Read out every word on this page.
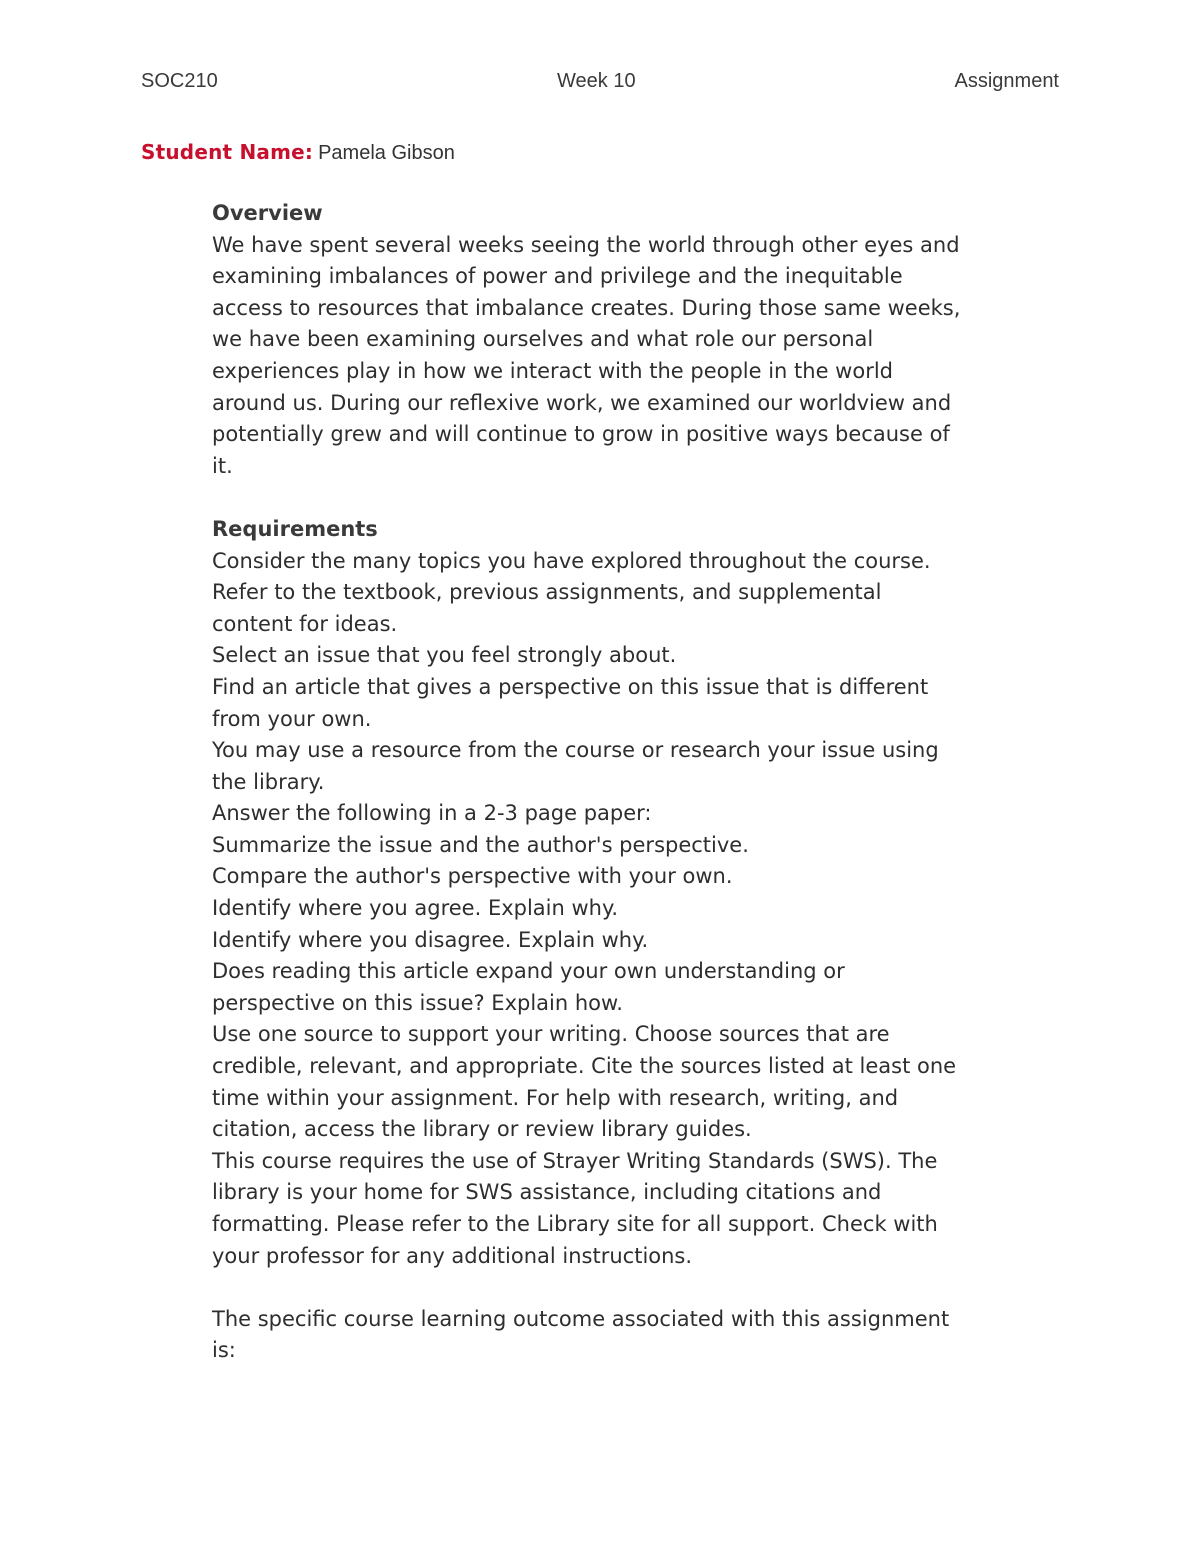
SOC210	Week 10	Assignment
Student Name: Pamela Gibson

Overview

We have spent several weeks seeing the world through other eyes and

examining imbalances of power and privilege and the inequitable

access to resources that imbalance creates. During those same weeks,

we have been examining ourselves and what role our personal

experiences play in how we interact with the people in the world

around us. During our reflexive work, we examined our worldview and

potentially grew and will continue to grow in positive ways because of

it.

Requirements

Consider the many topics you have explored throughout the course.

Refer to the textbook, previous assignments, and supplemental

content for ideas.

Select an issue that you feel strongly about.

Find an article that gives a perspective on this issue that is different

from your own.

You may use a resource from the course or research your issue using

the library.

Answer the following in a 2-3 page paper:

Summarize the issue and the author's perspective.

Compare the author's perspective with your own.

Identify where you agree. Explain why.

Identify where you disagree. Explain why.

Does reading this article expand your own understanding or

perspective on this issue? Explain how.

Use one source to support your writing. Choose sources that are

credible, relevant, and appropriate. Cite the sources listed at least one

time within your assignment. For help with research, writing, and

citation, access the library or review library guides.

This course requires the use of Strayer Writing Standards (SWS). The

library is your home for SWS assistance, including citations and

formatting. Please refer to the Library site for all support. Check with

your professor for any additional instructions.

The specific course learning outcome associated with this assignment

is:
